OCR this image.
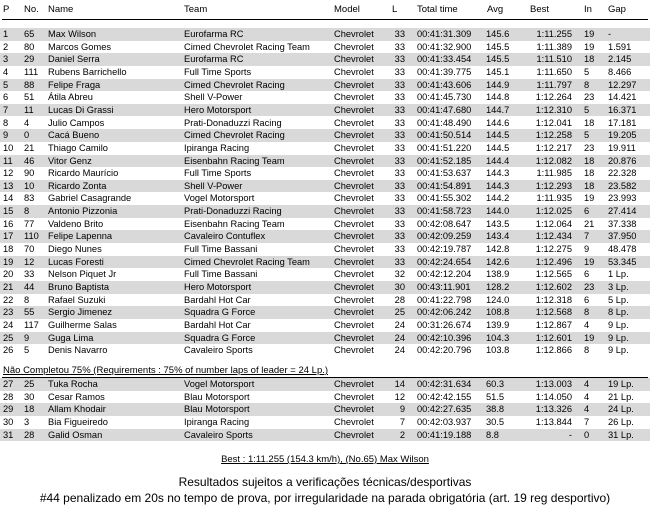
P No. Name	Team	Model	L Total time	Avg	Best	In Gap
1	65	Max Wilson	Eurofarma RC	Chevrolet	33 00:41:31.309	145.6	1:11.255 19	-
2	80	Marcos Gomes	Cimed Chevrolet Racing Team	Chevrolet	33 00:41:32.900	145.5	1:11.389 19	1.591
3	29	Daniel Serra	Eurofarma RC	Chevrolet	33 00:41:33.454	145.5	1:11.510 18	2.145
4	111	Rubens Barrichello	Full Time Sports	Chevrolet	33 00:41:39.775	145.1	1:11.650 5	8.466
5	88	Felipe Fraga	Cimed Chevrolet Racing	Chevrolet	33 00:41:43.606	144.9	1:11.797 8	12.297
6	51	Átila Abreu	Shell V-Power	Chevrolet	33 00:41:45.730	144.8	1:12.264 23	14.421
7	11	Lucas Di Grassi	Hero Motorsport	Chevrolet	33 00:41:47.680	144.7	1:12.310 5	16.371
8	4	Julio Campos	Prati-Donaduzzi Racing	Chevrolet	33 00:41:48.490	144.6	1:12.041 18	17.181
9	0	Cacá Bueno	Cimed Chevrolet Racing	Chevrolet	33 00:41:50.514	144.5	1:12.258 5	19.205
10	21	Thiago Camilo	Ipiranga Racing	Chevrolet	33 00:41:51.220	144.5	1:12.217 23	19.911
11	46	Vitor Genz	Eisenbahn Racing Team	Chevrolet	33 00:41:52.185	144.4	1:12.082 18	20.876
12	90	Ricardo Maurício	Full Time Sports	Chevrolet	33 00:41:53.637	144.3	1:11.985 18	22.328
13	10	Ricardo Zonta	Shell V-Power	Chevrolet	33 00:41:54.891	144.3	1:12.293 18	23.582
14	83	Gabriel Casagrande	Vogel Motorsport	Chevrolet	33 00:41:55.302	144.2	1:11.935 19	23.993
15	8	Antonio Pizzonia	Prati-Donaduzzi Racing	Chevrolet	33 00:41:58.723	144.0	1:12.025 6	27.414
16	77	Valdeno Brito	Eisenbahn Racing Team	Chevrolet	33 00:42:08.647	143.5	1:12.064 21	37.338
17	110 Felipe Lapenna	Cavaleiro Contuflex	Chevrolet	33 00:42:09.259	143.4	1:12.434 7	37.950
18	70	Diego Nunes	Full Time Bassani	Chevrolet	33 00:42:19.787	142.8	1:12.275 9	48.478
19	12	Lucas Foresti	Cimed Chevrolet Racing Team	Chevrolet	33 00:42:24.654	142.6	1:12.496 19	53.345
20	33	Nelson Piquet Jr	Full Time Bassani	Chevrolet	32 00:42:12.204	138.9	1:12.565 6	1 Lp.
21	44	Bruno Baptista	Hero Motorsport	Chevrolet	30 00:43:11.901	128.2	1:12.602 23	3 Lp.
22	8	Rafael Suzuki	Bardahl Hot Car	Chevrolet	28 00:41:22.798	124.0	1:12.318 6	5 Lp.
23	55	Sergio Jimenez	Squadra G Force	Chevrolet	25 00:42:06.242	108.8	1:12.568 8	8 Lp.
24	117 Guilherme Salas	Bardahl Hot Car	Chevrolet	24 00:31:26.674	139.9	1:12.867 4	9 Lp.
25	9	Guga Lima	Squadra G Force	Chevrolet	24 00:42:10.396	104.3	1:12.601 19	9 Lp.
26	5	Denis Navarro	Cavaleiro Sports	Chevrolet	24 00:42:20.796	103.8	1:12.866 8	9 Lp.
Não Completou 75% (Requirements : 75% of number laps of leader = 24 Lp.)
27	25	Tuka Rocha	Vogel Motorsport	Chevrolet	14 00:42:31.634	60.3	1:13.003 4	19 Lp.
28	30	Cesar Ramos	Blau Motorsport	Chevrolet	12 00:42:42.155	51.5	1:14.050 4	21 Lp.
29	18	Allam Khodair	Blau Motorsport	Chevrolet	9 00:42:27.635	38.8	1:13.326 4	24 Lp.
30	3	Bia Figueiredo	Ipiranga Racing	Chevrolet	7 00:42:03.937	30.5	1:13.844 7	26 Lp.
31	28	Galid Osman	Cavaleiro Sports	Chevrolet	2 00:41:19.188	8.8	- 0	31 Lp.
Best : 1:11.255 (154.3 km/h), (No.65) Max Wilson
Resultados sujeitos a verificações técnicas/desportivas
#44 penalizado em 20s no tempo de prova, por irregularidade na parada obrigatória (art. 19 reg desportivo)
